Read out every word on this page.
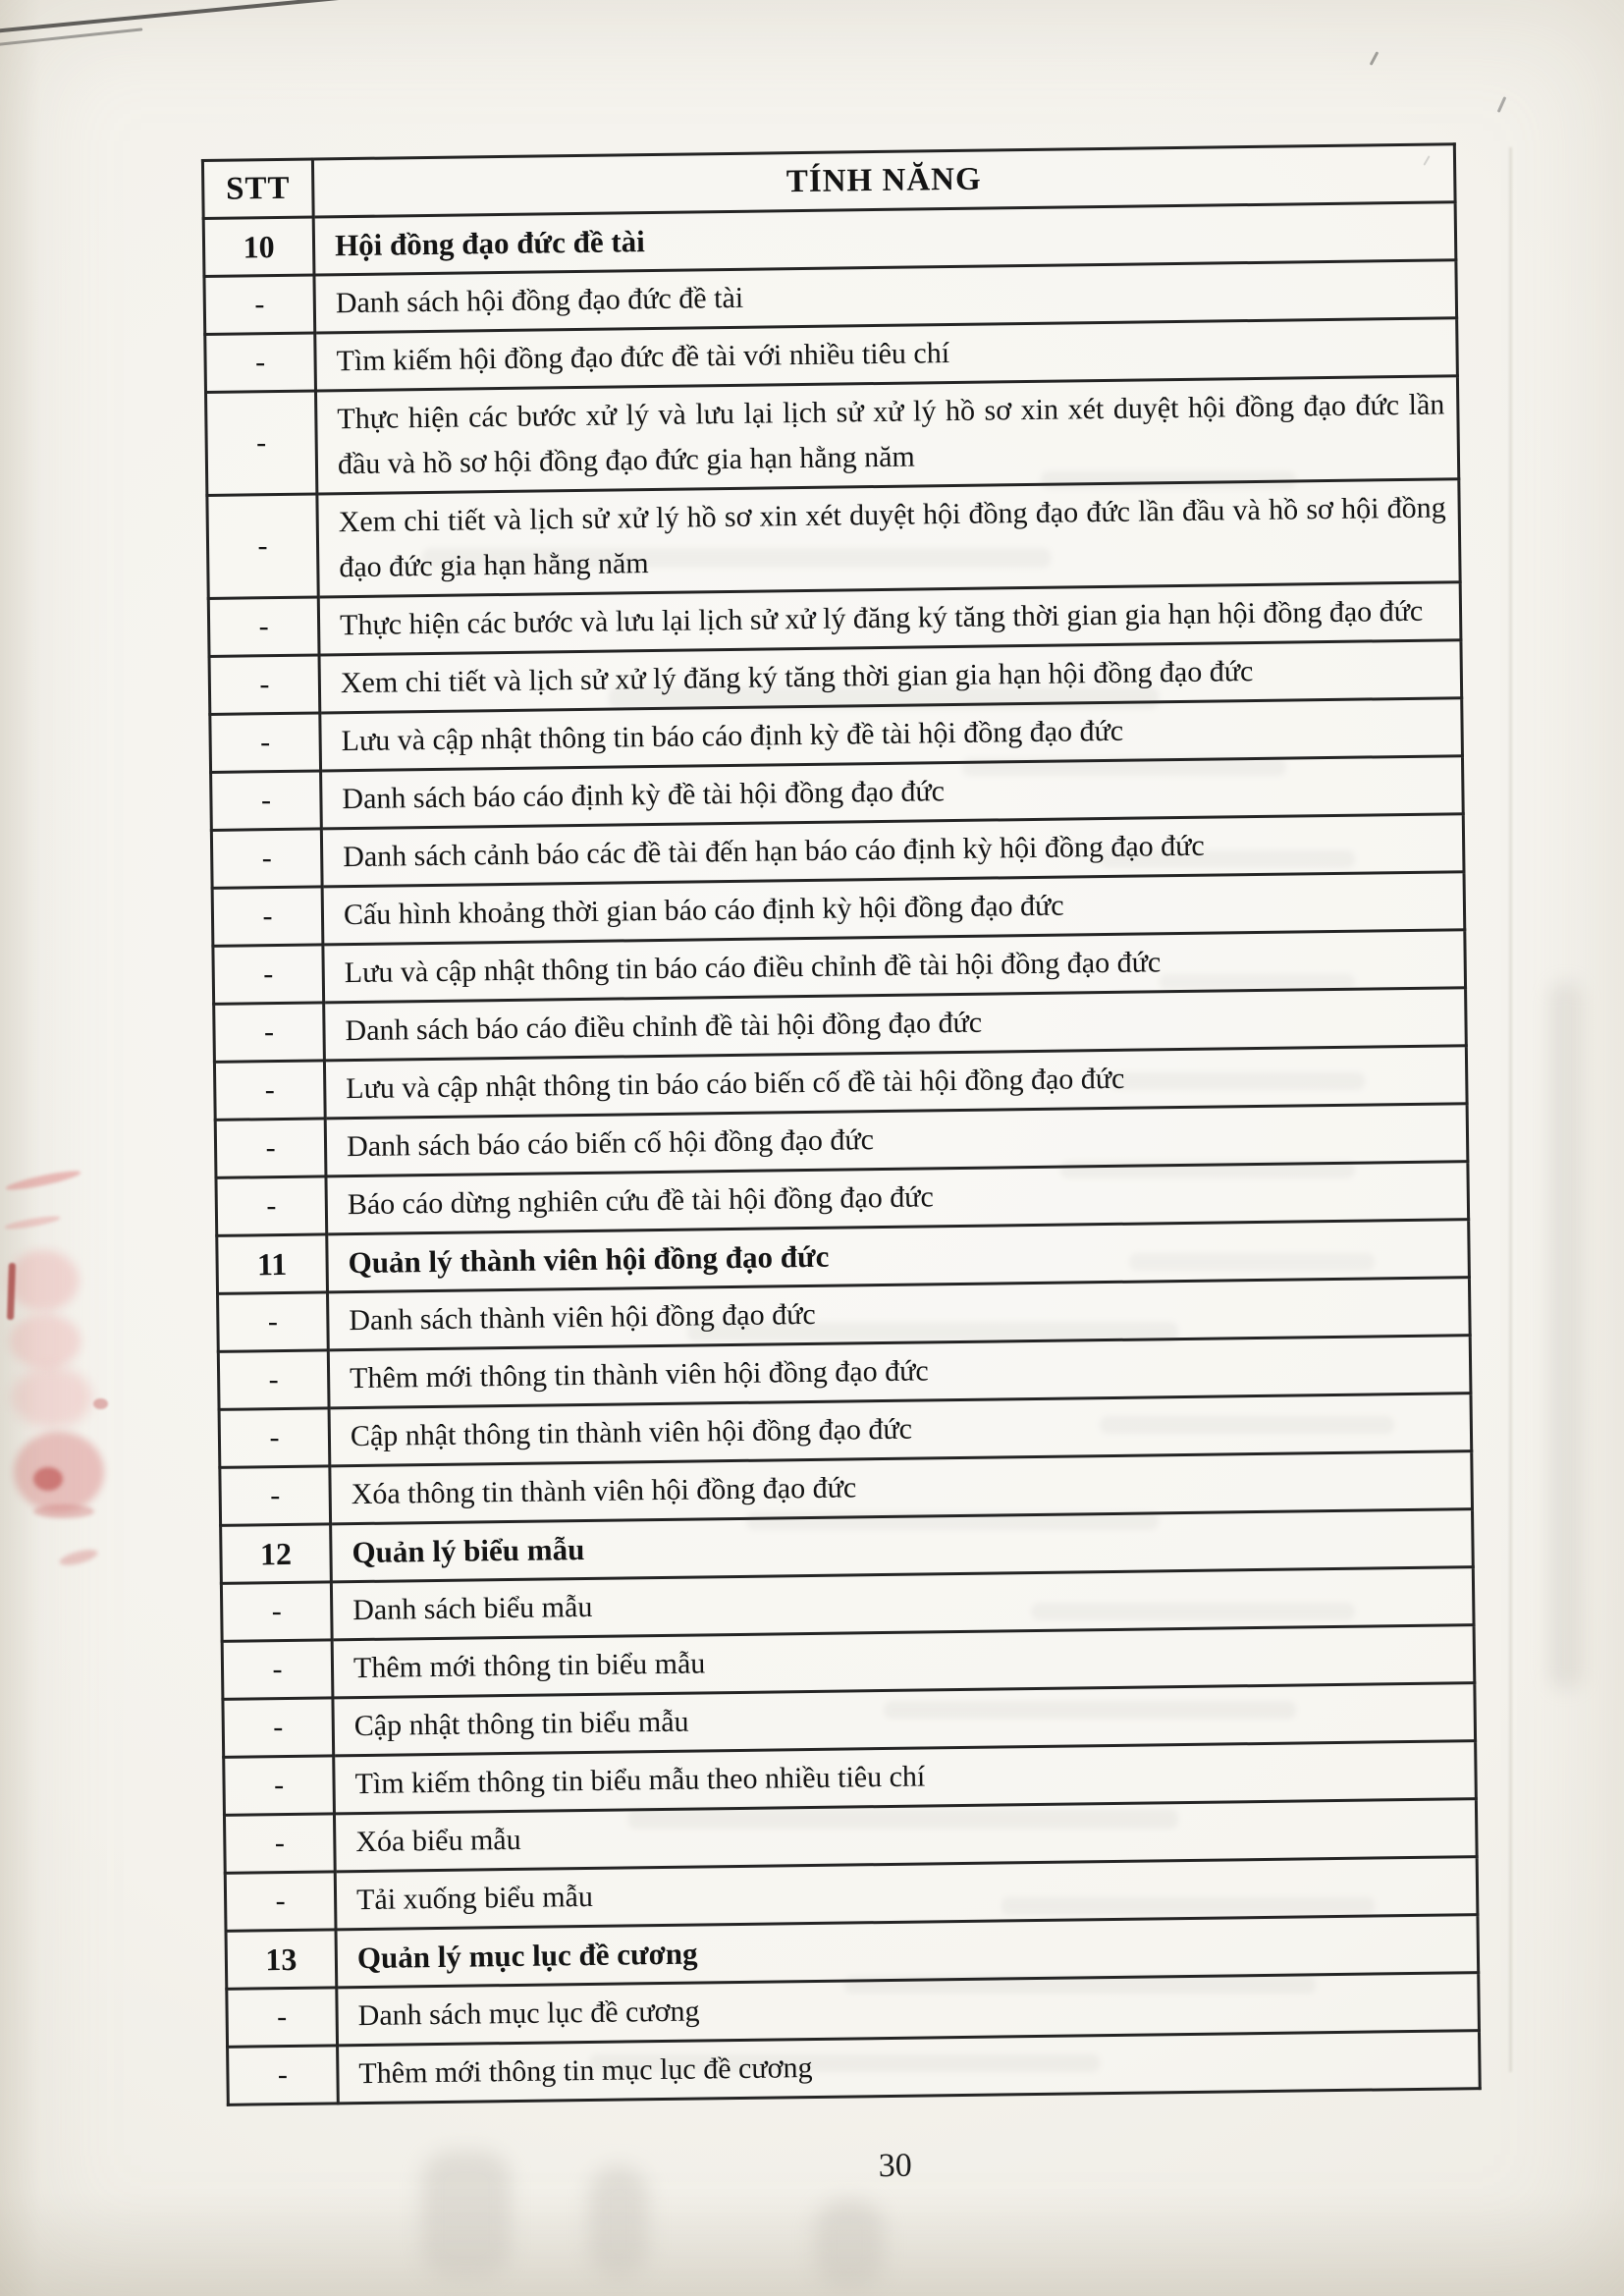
STT	TÍNH NĂNG
10	Hội đồng đạo đức đề tài
-	Danh sách hội đồng đạo đức đề tài
-	Tìm kiếm hội đồng đạo đức đề tài với nhiều tiêu chí
-	Thực hiện các bước xử lý và lưu lại lịch sử xử lý hồ sơ xin xét duyệt hội đồng đạo đức lần đầu và hồ sơ hội đồng đạo đức gia hạn hằng năm
-	Xem chi tiết và lịch sử xử lý hồ sơ xin xét duyệt hội đồng đạo đức lần đầu và hồ sơ hội đồng đạo đức gia hạn hằng năm
-	Thực hiện các bước và lưu lại lịch sử xử lý đăng ký tăng thời gian gia hạn hội đồng đạo đức
-	Xem chi tiết và lịch sử xử lý đăng ký tăng thời gian gia hạn hội đồng đạo đức
-	Lưu và cập nhật thông tin báo cáo định kỳ đề tài hội đồng đạo đức
-	Danh sách báo cáo định kỳ đề tài hội đồng đạo đức
-	Danh sách cảnh báo các đề tài đến hạn báo cáo định kỳ hội đồng đạo đức
-	Cấu hình khoảng thời gian báo cáo định kỳ hội đồng đạo đức
-	Lưu và cập nhật thông tin báo cáo điều chỉnh đề tài hội đồng đạo đức
-	Danh sách báo cáo điều chỉnh đề tài hội đồng đạo đức
-	Lưu và cập nhật thông tin báo cáo biến cố đề tài hội đồng đạo đức
-	Danh sách báo cáo biến cố hội đồng đạo đức
-	Báo cáo dừng nghiên cứu đề tài hội đồng đạo đức
11	Quản lý thành viên hội đồng đạo đức
-	Danh sách thành viên hội đồng đạo đức
-	Thêm mới thông tin thành viên hội đồng đạo đức
-	Cập nhật thông tin thành viên hội đồng đạo đức
-	Xóa thông tin thành viên hội đồng đạo đức
12	Quản lý biểu mẫu
-	Danh sách biểu mẫu
-	Thêm mới thông tin biểu mẫu
-	Cập nhật thông tin biểu mẫu
-	Tìm kiếm thông tin biểu mẫu theo nhiều tiêu chí
-	Xóa biểu mẫu
-	Tải xuống biểu mẫu
13	Quản lý mục lục đề cương
-	Danh sách mục lục đề cương
-	Thêm mới thông tin mục lục đề cương
30
